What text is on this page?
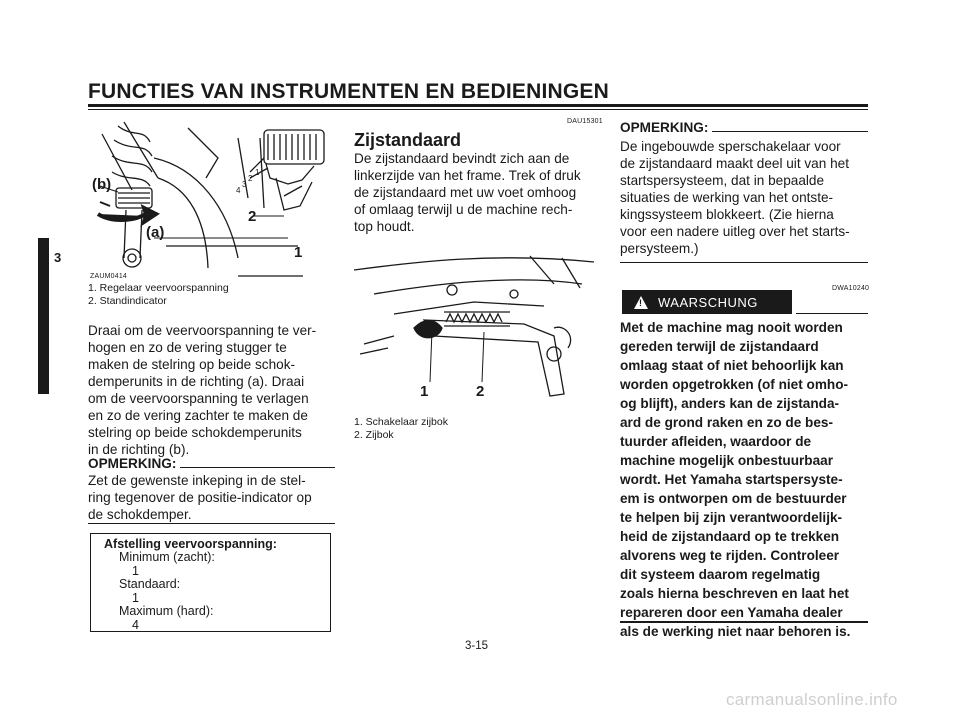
FUNCTIES VAN INSTRUMENTEN EN BEDIENINGEN
3
(b)
(a)
1
2
1
2
3
4
ZAUM0414
1. Regelaar veervoorspanning
2. Standindicator
Draai om de veervoorspanning te ver-
hogen en zo de vering stugger te
maken de stelring op beide schok-
demperunits in de richting (a). Draai
om de veervoorspanning te verlagen
en zo de vering zachter te maken de
stelring op beide schokdemperunits
in de richting (b).
OPMERKING:
Zet de gewenste inkeping in de stel-
ring tegenover de positie-indicator op
de schokdemper.
Afstelling veervoorspanning:
Minimum (zacht):
1
Standaard:
1
Maximum (hard):
4
DAU15301
Zijstandaard
De zijstandaard bevindt zich aan de
linkerzijde van het frame. Trek of druk
de zijstandaard met uw voet omhoog
of omlaag terwijl u de machine rech-
top houdt.
1	2
1. Schakelaar zijbok
2. Zijbok
OPMERKING:
De ingebouwde sperschakelaar voor
de zijstandaard maakt deel uit van het
startspersysteem, dat in bepaalde
situaties de werking van het ontste-
kingssysteem blokkeert. (Zie hierna
voor een nadere uitleg over het starts-
persysteem.)
DWA10240
! WAARSCHUNG
Met de machine mag nooit worden
gereden terwijl de zijstandaard
omlaag staat of niet behoorlijk kan
worden opgetrokken (of niet omho-
og blijft), anders kan de zijstanda-
ard de grond raken en zo de bes-
tuurder afleiden, waardoor de
machine mogelijk onbestuurbaar
wordt. Het Yamaha startspersyste-
em is ontworpen om de bestuurder
te helpen bij zijn verantwoordelijk-
heid de zijstandaard op te trekken
alvorens weg te rijden. Controleer
dit systeem daarom regelmatig
zoals hierna beschreven en laat het
repareren door een Yamaha dealer
als de werking niet naar behoren is.
3-15
carmanualsonline.info
